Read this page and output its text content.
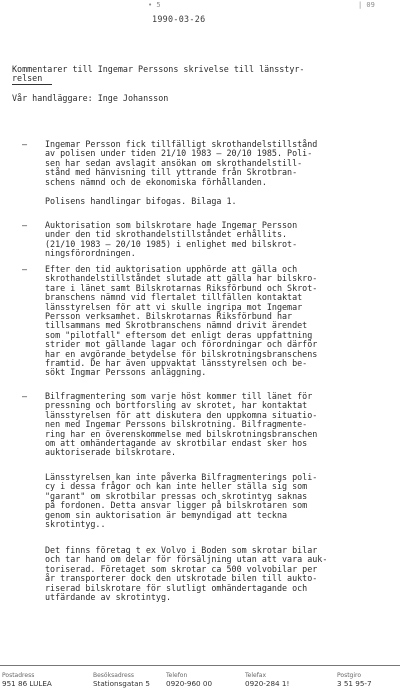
• 5	| 09
1990-03-26
Kommentarer till Ingemar Perssons skrivelse till länsstyr-
relsen
Vår handläggare: Inge Johansson
– Ingemar Persson fick tillfälligt skrothandelstillstånd
av polisen under tiden 21/10 1983 – 20/10 1985. Poli-
sen har sedan avslagit ansökan om skrothandelstill-
stånd med hänvisning till yttrande från Skrotbran-
schens nämnd och de ekonomiska förhållanden.
Polisens handlingar bifogas. Bilaga 1.
– Auktorisation som bilskrotare hade Ingemar Persson
under den tid skrothandelstillståndet erhållits.
(21/10 1983 – 20/10 1985) i enlighet med bilskrot-
ningsförordningen.
– Efter den tid auktorisation upphörde att gälla och
skrothandelstillståndet slutade att gälla har bilskro-
tare i länet samt Bilskrotarnas Riksförbund och Skrot-
branschens nämnd vid flertalet tillfällen kontaktat
länsstyrelsen för att vi skulle ingripa mot Ingemar
Persson verksamhet. Bilskrotarnas Riksförbund har
tillsammans med Skrotbranschens nämnd drivit ärendet
som "pilotfall" eftersom det enligt deras uppfattning
strider mot gällande lagar och förordningar och därför
har en avgörande betydelse för bilskrotningsbranschens
framtid. De har även uppvaktat länsstyrelsen och be-
sökt Ingmar Perssons anläggning.
– Bilfragmentering som varje höst kommer till länet för
pressning och bortforsling av skrotet, har kontaktat
länsstyrelsen för att diskutera den uppkomna situatio-
nen med Ingemar Perssons bilskrotning. Bilfragmente-
ring har en överenskommelse med bilskrotningsbranschen
om att omhändertagande av skrotbilar endast sker hos
auktoriserade bilskrotare.
Länsstyrelsen kan inte påverka Bilfragmenterings poli-
cy i dessa frågor och kan inte heller ställa sig som
"garant" om skrotbilar pressas och skrotintyg saknas
på fordonen. Detta ansvar ligger på bilskrotaren som
genom sin auktorisation är bemyndigad att teckna
skrotintyg..
Det finns företag t ex Volvo i Boden som skrotar bilar
och tar hand om delar för försäljning utan att vara auk-
toriserad. Företaget som skrotar ca 500 volvobilar per
år transporterer dock den utskrotade bilen till aukto-
riserad bilskrotare för slutligt omhändertagande och
utfärdande av skrotintyg.
Postadress
951 86 LULEA
Besöksadress
Stationsgatan 5
Telefon
0920-960 00
Telefax
0920-284 1!
Postgiro
3 51 95-7
